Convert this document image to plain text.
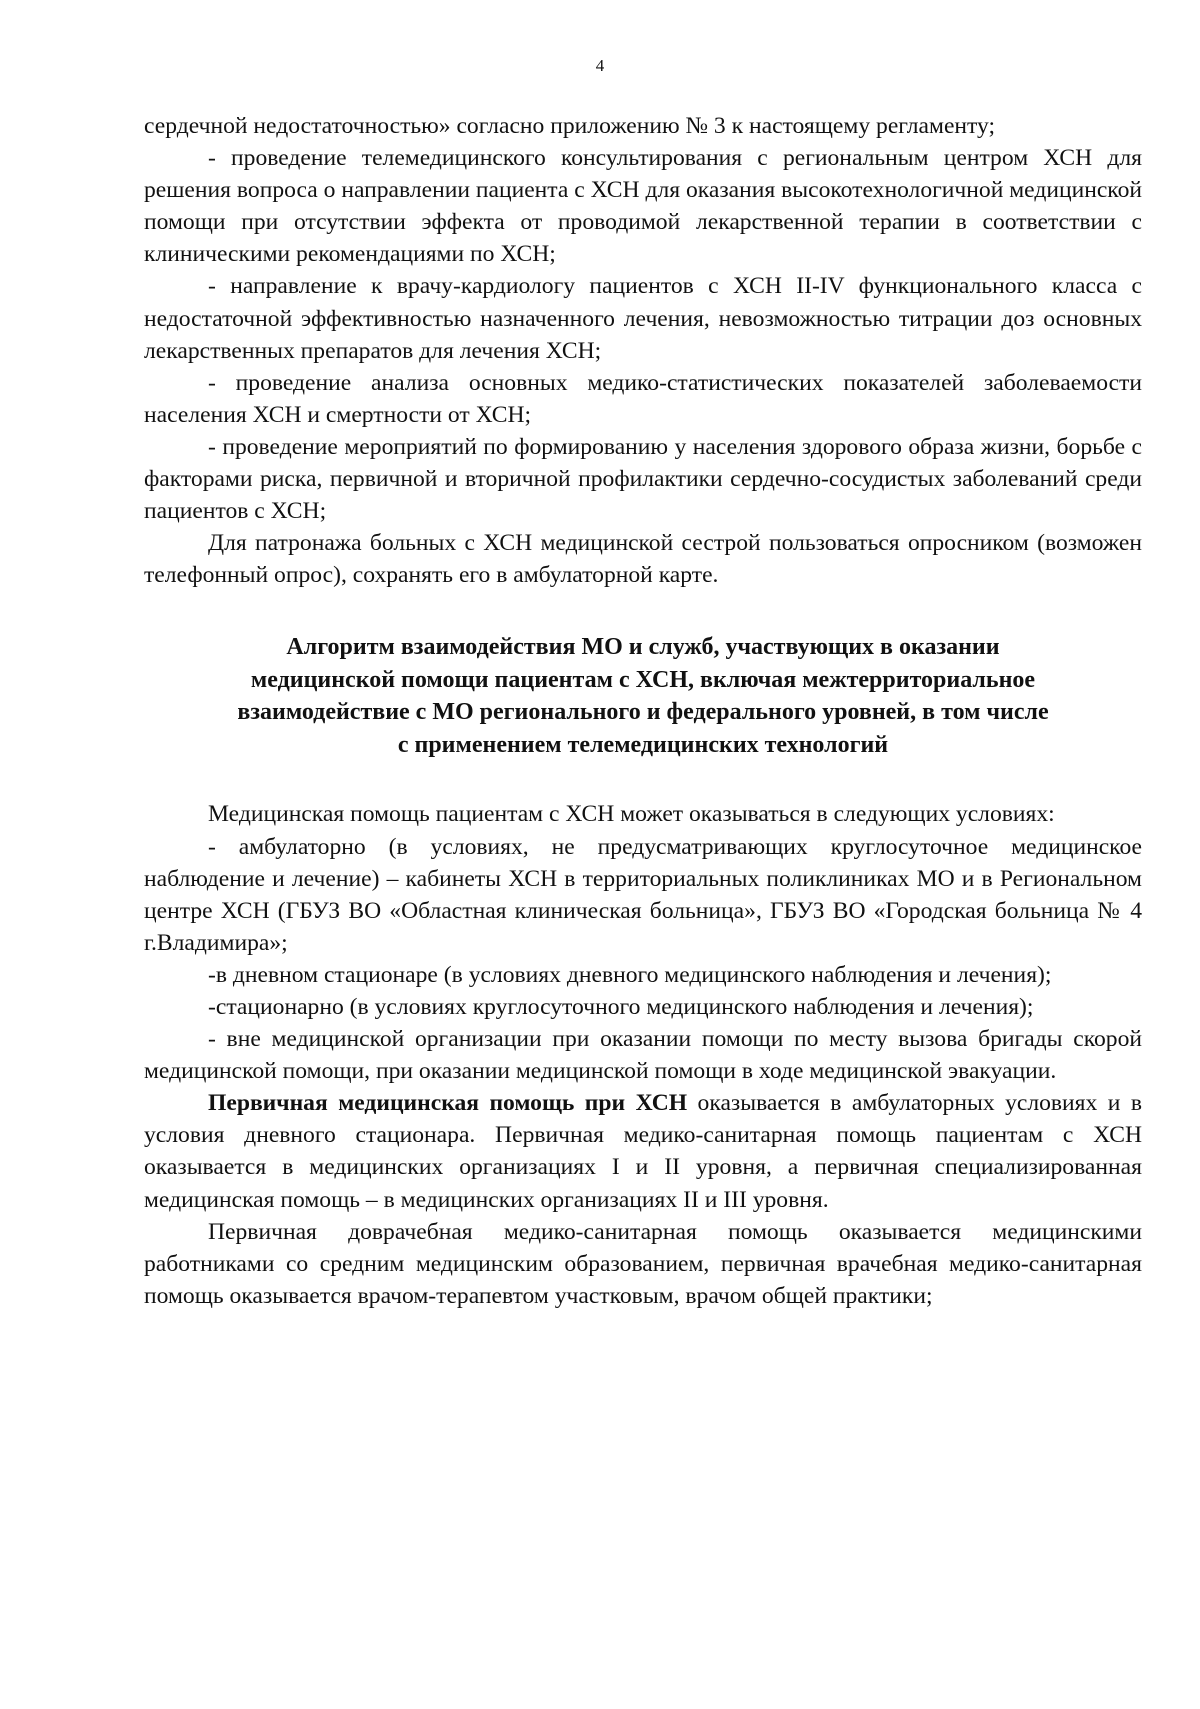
4

сердечной недостаточностью» согласно приложению № 3 к настоящему регламенту;

- проведение телемедицинского консультирования с региональным центром ХСН для решения вопроса о направлении пациента с ХСН для оказания высокотехнологичной медицинской помощи при отсутствии эффекта от проводимой лекарственной терапии в соответствии с клиническими рекомендациями по ХСН;

- направление к врачу-кардиологу пациентов с ХСН II-IV функционального класса с недостаточной эффективностью назначенного лечения, невозможностью титрации доз основных лекарственных препаратов для лечения ХСН;

- проведение анализа основных медико-статистических показателей заболеваемости населения ХСН и смертности от ХСН;

- проведение мероприятий по формированию у населения здорового образа жизни, борьбе с факторами риска, первичной и вторичной профилактики сердечно-сосудистых заболеваний среди пациентов с ХСН;

Для патронажа больных с ХСН медицинской сестрой пользоваться опросником (возможен телефонный опрос), сохранять его в амбулаторной карте.

Алгоритм взаимодействия МО и служб, участвующих в оказании
медицинской помощи пациентам с ХСН, включая межтерриториальное
взаимодействие с МО регионального и федерального уровней, в том числе
с применением телемедицинских технологий

Медицинская помощь пациентам с ХСН может оказываться в следующих условиях:

- амбулаторно (в условиях, не предусматривающих круглосуточное медицинское наблюдение и лечение) – кабинеты ХСН в территориальных поликлиниках МО и в Региональном центре ХСН (ГБУЗ ВО «Областная клиническая больница», ГБУЗ ВО «Городская больница № 4 г.Владимира»;

-в дневном стационаре (в условиях дневного медицинского наблюдения и лечения);

-стационарно (в условиях круглосуточного медицинского наблюдения и лечения);

- вне медицинской организации при оказании помощи по месту вызова бригады скорой медицинской помощи, при оказании медицинской помощи в ходе медицинской эвакуации.

Первичная медицинская помощь при ХСН оказывается в амбулаторных условиях и в условия дневного стационара. Первичная медико-санитарная помощь пациентам с ХСН оказывается в медицинских организациях I и II уровня, а первичная специализированная медицинская помощь – в медицинских организациях II и III уровня.

Первичная доврачебная медико-санитарная помощь оказывается медицинскими работниками со средним медицинским образованием, первичная врачебная медико-санитарная помощь оказывается врачом-терапевтом участковым, врачом общей практики;
